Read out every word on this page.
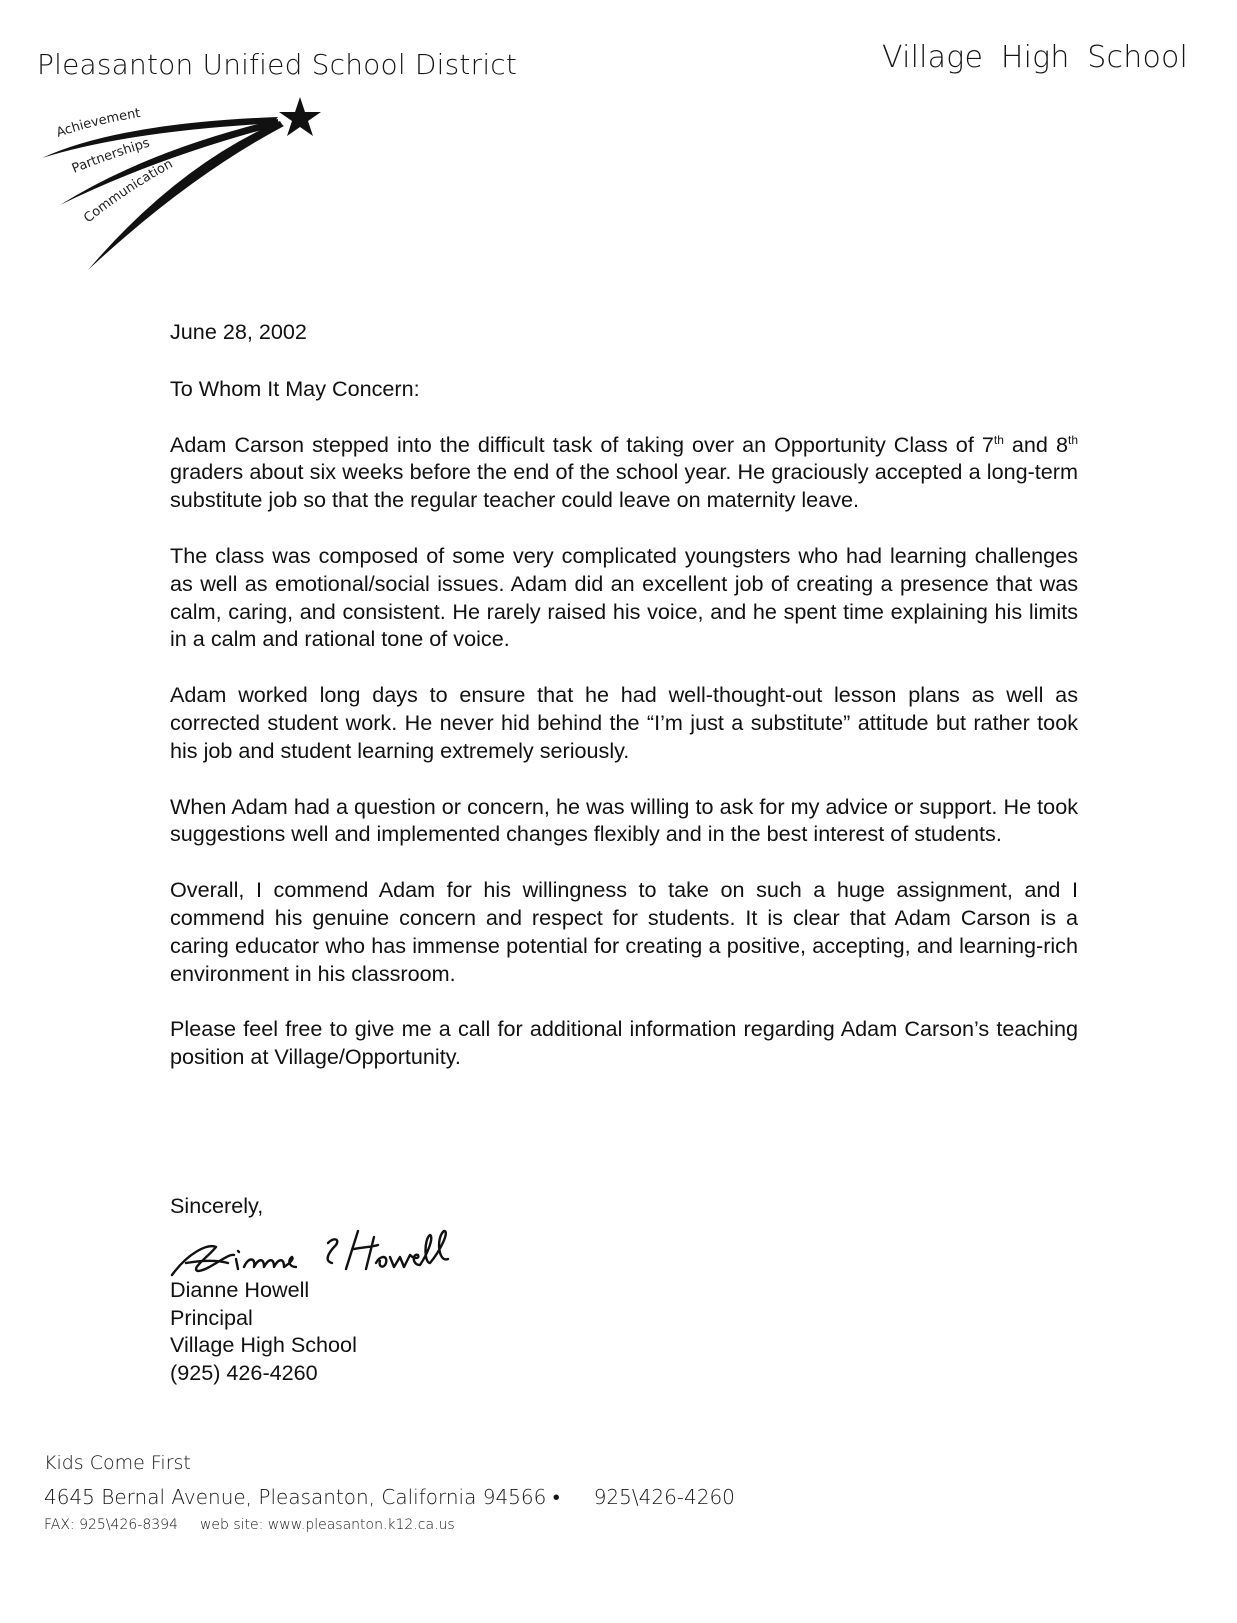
Pleasanton Unified School District	Village High School
Achievement
Partnerships
Communication

June 28, 2002

To Whom It May Concern:

Adam Carson stepped into the difficult task of taking over an Opportunity Class of 7th and 8th graders about six weeks before the end of the school year. He graciously accepted a long-term substitute job so that the regular teacher could leave on maternity leave.

The class was composed of some very complicated youngsters who had learning challenges as well as emotional/social issues. Adam did an excellent job of creating a presence that was calm, caring, and consistent. He rarely raised his voice, and he spent time explaining his limits in a calm and rational tone of voice.

Adam worked long days to ensure that he had well-thought-out lesson plans as well as corrected student work. He never hid behind the “I’m just a substitute” attitude but rather took his job and student learning extremely seriously.

When Adam had a question or concern, he was willing to ask for my advice or support. He took suggestions well and implemented changes flexibly and in the best interest of students.

Overall, I commend Adam for his willingness to take on such a huge assignment, and I commend his genuine concern and respect for students. It is clear that Adam Carson is a caring educator who has immense potential for creating a positive, accepting, and learning-rich environment in his classroom.

Please feel free to give me a call for additional information regarding Adam Carson’s teaching position at Village/Opportunity.

Sincerely,
Dianne Howell
Principal
Village High School
(925) 426-4260
Kids Come First
4645 Bernal Avenue, Pleasanton, California 94566 • 925\426-4260
FAX: 925\426-8394 web site: www.pleasanton.k12.ca.us
